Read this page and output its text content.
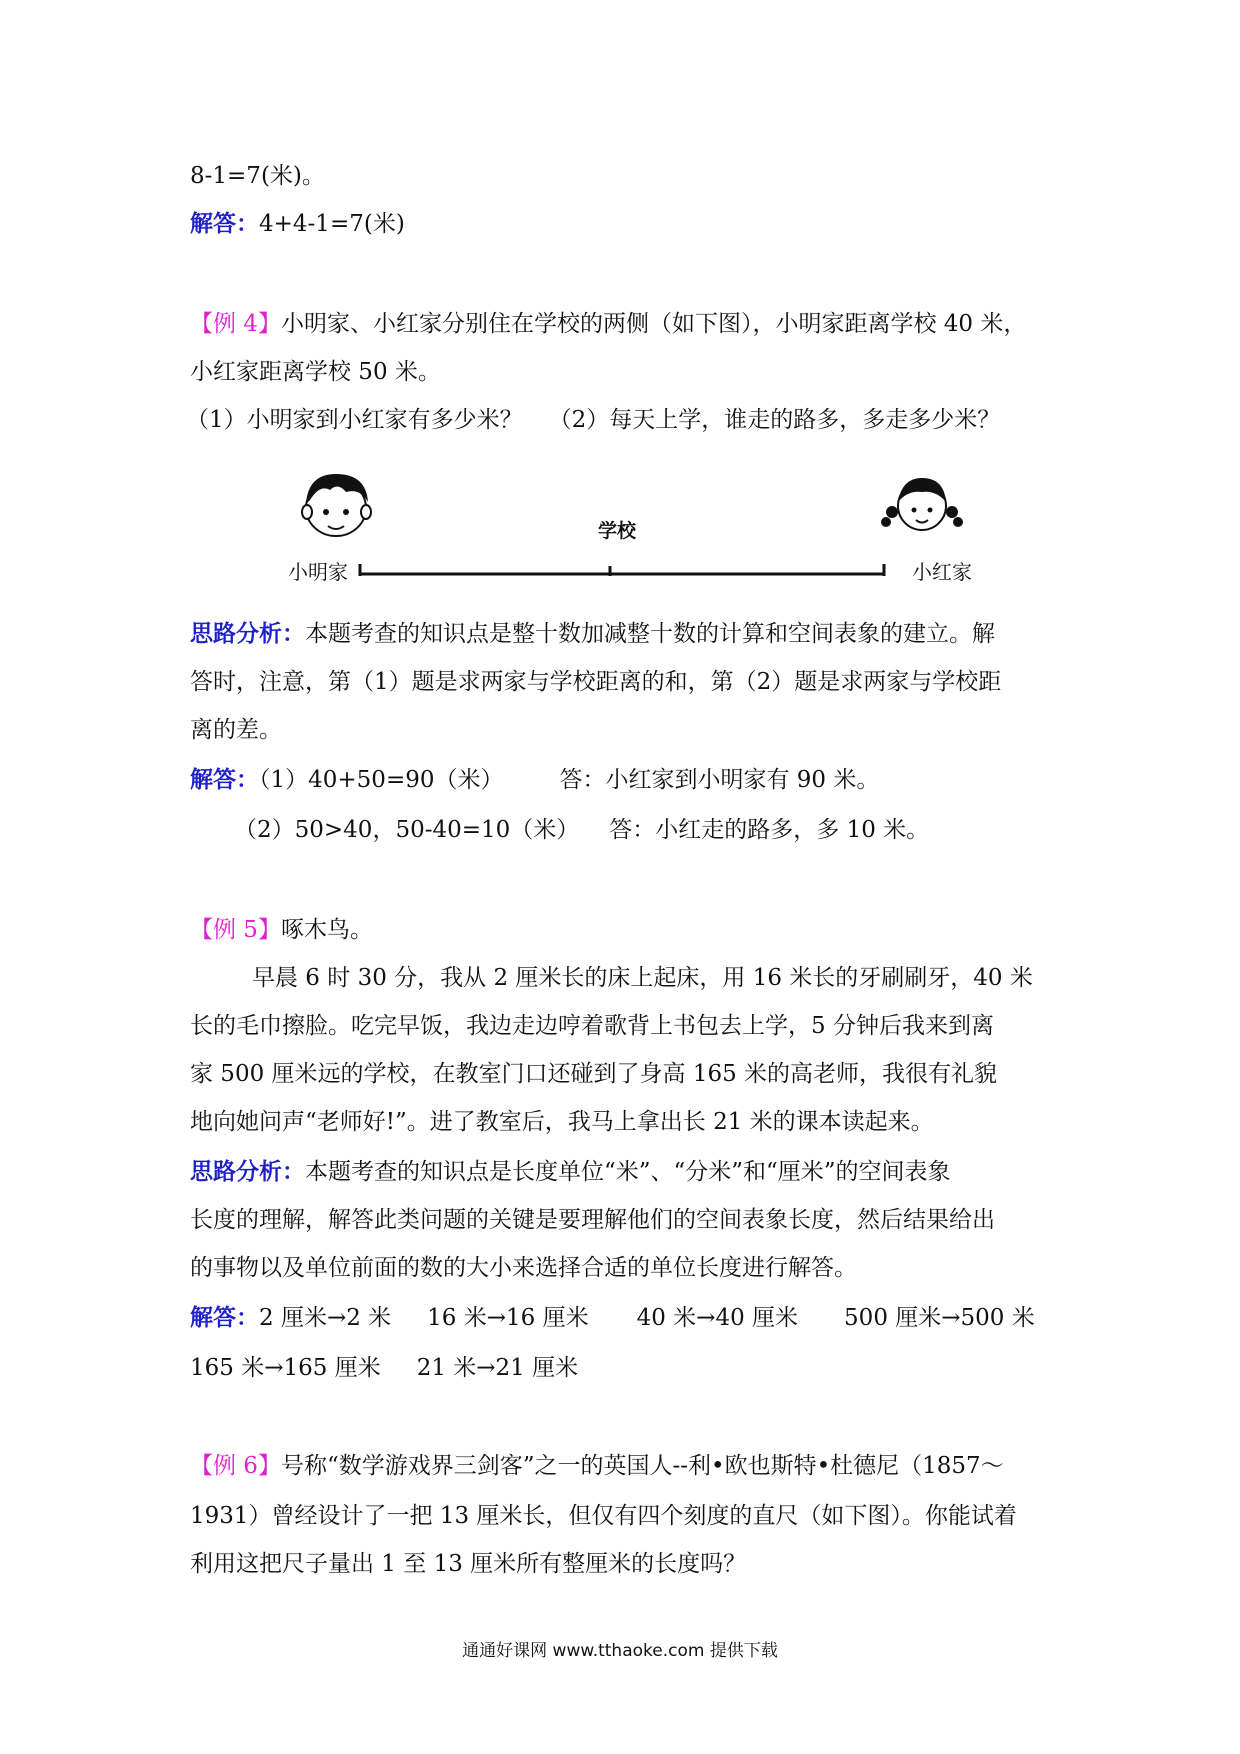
8-1=7(米)。
解答：4+4-1=7(米)
【例 4】小明家、小红家分别住在学校的两侧（如下图），小明家距离学校 40 米，
小红家距离学校 50 米。
（1）小明家到小红家有多少米？ （2）每天上学，谁走的路多，多走多少米？
小明家
学校
小红家
思路分析：本题考查的知识点是整十数加减整十数的计算和空间表象的建立。解
答时，注意，第（1）题是求两家与学校距离的和，第（2）题是求两家与学校距
离的差。
解答：（1）40+50=90（米） 答：小红家到小明家有 90 米。
（2）50>40，50-40=10（米） 答：小红走的路多，多 10 米。
【例 5】啄木鸟。
早晨 6 时 30 分，我从 2 厘米长的床上起床，用 16 米长的牙刷刷牙，40 米
长的毛巾擦脸。吃完早饭，我边走边哼着歌背上书包去上学，5 分钟后我来到离
家 500 厘米远的学校，在教室门口还碰到了身高 165 米的高老师，我很有礼貌
地向她问声“老师好!”。进了教室后，我马上拿出长 21 米的课本读起来。
思路分析：本题考查的知识点是长度单位“米”、“分米”和“厘米”的空间表象
长度的理解，解答此类问题的关键是要理解他们的空间表象长度，然后结果给出
的事物以及单位前面的数的大小来选择合适的单位长度进行解答。
解答：2 厘米→2 米 16 米→16 厘米 40 米→40 厘米 500 厘米→500 米
165 米→165 厘米 21 米→21 厘米
【例 6】号称“数学游戏界三剑客”之一的英国人--利•欧也斯特•杜德尼（1857～
1931）曾经设计了一把 13 厘米长，但仅有四个刻度的直尺（如下图）。你能试着
利用这把尺子量出 1 至 13 厘米所有整厘米的长度吗？
通通好课网 www.tthaoke.com 提供下载
